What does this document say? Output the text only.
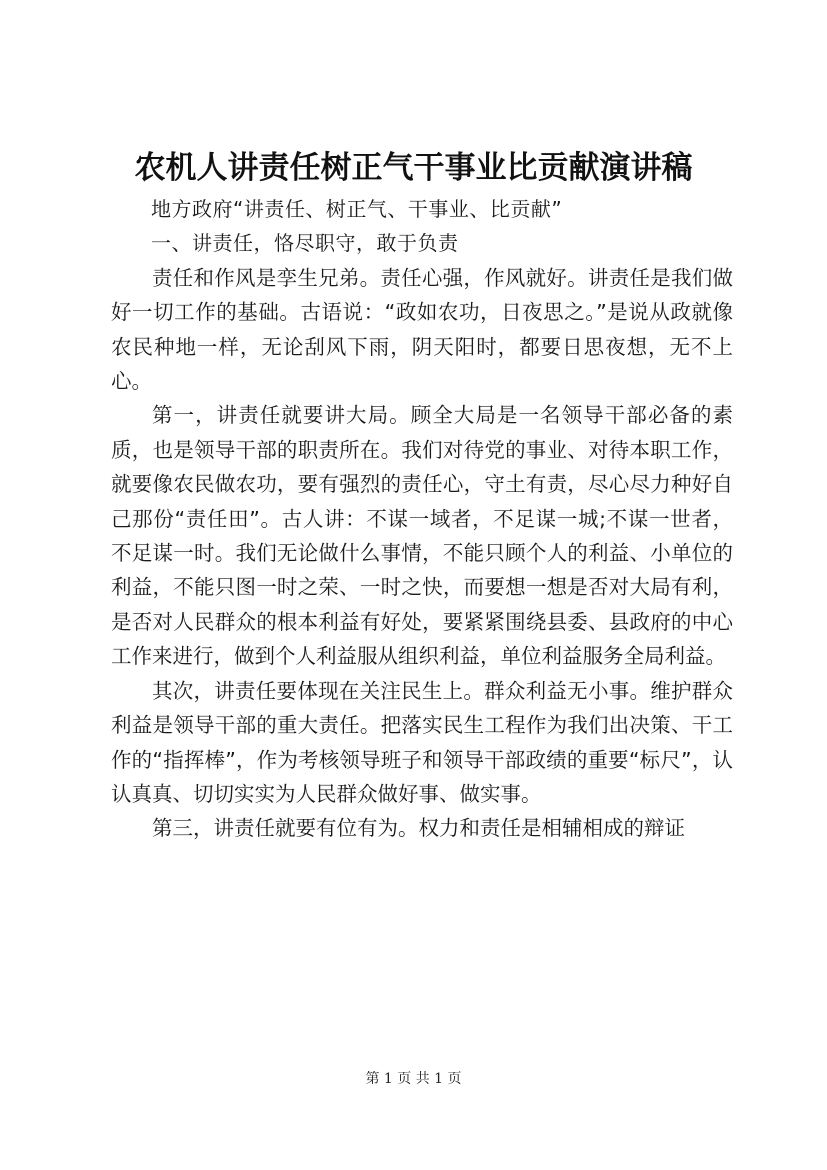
农机人讲责任树正气干事业比贡献演讲稿

地方政府“讲责任、树正气、干事业、比贡献”

一、讲责任，恪尽职守，敢于负责

责任和作风是孪生兄弟。责任心强，作风就好。讲责任是我们做好一切工作的基础。古语说：“政如农功，日夜思之。”是说从政就像农民种地一样，无论刮风下雨，阴天阳时，都要日思夜想，无不上心。

第一，讲责任就要讲大局。顾全大局是一名领导干部必备的素质，也是领导干部的职责所在。我们对待党的事业、对待本职工作，就要像农民做农功，要有强烈的责任心，守土有责，尽心尽力种好自己那份“责任田”。古人讲：不谋一域者，不足谋一城;不谋一世者，不足谋一时。我们无论做什么事情，不能只顾个人的利益、小单位的利益，不能只图一时之荣、一时之快，而要想一想是否对大局有利，是否对人民群众的根本利益有好处，要紧紧围绕县委、县政府的中心工作来进行，做到个人利益服从组织利益，单位利益服务全局利益。

其次，讲责任要体现在关注民生上。群众利益无小事。维护群众利益是领导干部的重大责任。把落实民生工程作为我们出决策、干工作的“指挥棒”，作为考核领导班子和领导干部政绩的重要“标尺”，认认真真、切切实实为人民群众做好事、做实事。

第三，讲责任就要有位有为。权力和责任是相辅相成的辩证

第 1 页 共 1 页
